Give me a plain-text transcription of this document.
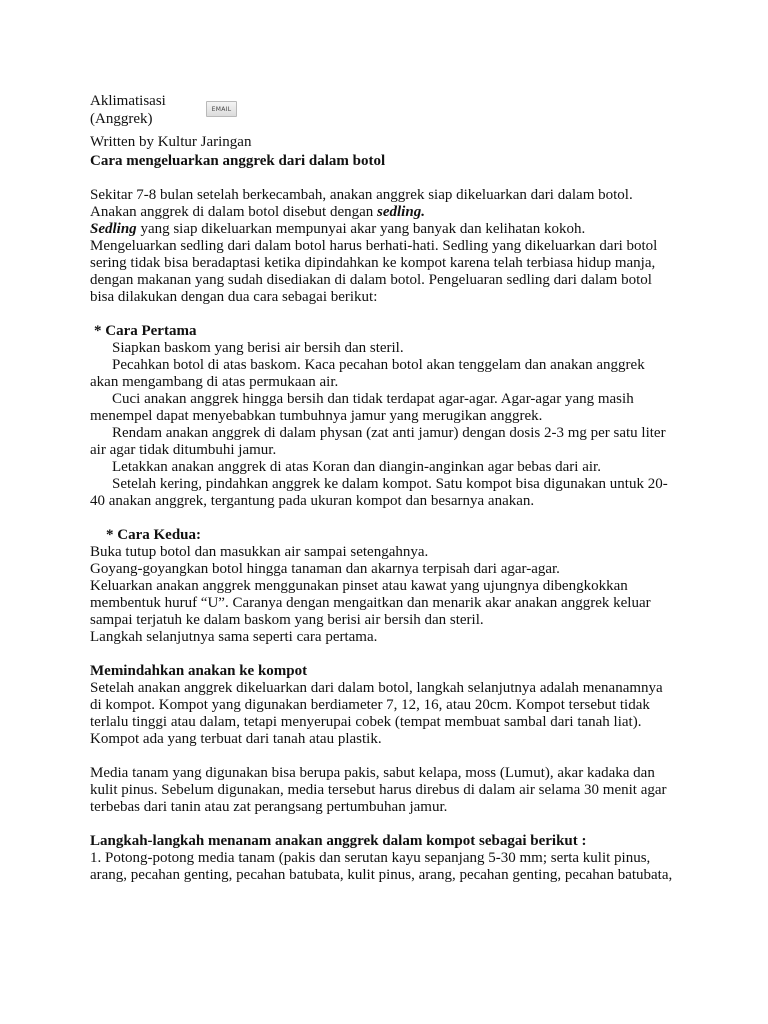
Aklimatisasi
(Anggrek)
EMAIL
Written by Kultur Jaringan
Cara mengeluarkan anggrek dari dalam botol
Sekitar 7-8 bulan setelah berkecambah, anakan anggrek siap dikeluarkan dari dalam botol.
Anakan anggrek di dalam botol disebut dengan sedling.
Sedling yang siap dikeluarkan mempunyai akar yang banyak dan kelihatan kokoh.
Mengeluarkan sedling dari dalam botol harus berhati-hati. Sedling yang dikeluarkan dari botol
sering tidak bisa beradaptasi ketika dipindahkan ke kompot karena telah terbiasa hidup manja,
dengan makanan yang sudah disediakan di dalam botol. Pengeluaran sedling dari dalam botol
bisa dilakukan dengan dua cara sebagai berikut:
* Cara Pertama
Siapkan baskom yang berisi air bersih dan steril.
Pecahkan botol di atas baskom. Kaca pecahan botol akan tenggelam dan anakan anggrek
akan mengambang di atas permukaan air.
Cuci anakan anggrek hingga bersih dan tidak terdapat agar-agar. Agar-agar yang masih
menempel dapat menyebabkan tumbuhnya jamur yang merugikan anggrek.
Rendam anakan anggrek di dalam physan (zat anti jamur) dengan dosis 2-3 mg per satu liter
air agar tidak ditumbuhi jamur.
Letakkan anakan anggrek di atas Koran dan diangin-anginkan agar bebas dari air.
Setelah kering, pindahkan anggrek ke dalam kompot. Satu kompot bisa digunakan untuk 20-
40 anakan anggrek, tergantung pada ukuran kompot dan besarnya anakan.
* Cara Kedua:
Buka tutup botol dan masukkan air sampai setengahnya.
Goyang-goyangkan botol hingga tanaman dan akarnya terpisah dari agar-agar.
Keluarkan anakan anggrek menggunakan pinset atau kawat yang ujungnya dibengkokkan
membentuk huruf “U”. Caranya dengan mengaitkan dan menarik akar anakan anggrek keluar
sampai terjatuh ke dalam baskom yang berisi air bersih dan steril.
Langkah selanjutnya sama seperti cara pertama.
Memindahkan anakan ke kompot
Setelah anakan anggrek dikeluarkan dari dalam botol, langkah selanjutnya adalah menanamnya
di kompot. Kompot yang digunakan berdiameter 7, 12, 16, atau 20cm. Kompot tersebut tidak
terlalu tinggi atau dalam, tetapi menyerupai cobek (tempat membuat sambal dari tanah liat).
Kompot ada yang terbuat dari tanah atau plastik.
Media tanam yang digunakan bisa berupa pakis, sabut kelapa, moss (Lumut), akar kadaka dan
kulit pinus. Sebelum digunakan, media tersebut harus direbus di dalam air selama 30 menit agar
terbebas dari tanin atau zat perangsang pertumbuhan jamur.
Langkah-langkah menanam anakan anggrek dalam kompot sebagai berikut :
1. Potong-potong media tanam (pakis dan serutan kayu sepanjang 5-30 mm; serta kulit pinus,
arang, pecahan genting, pecahan batubata, kulit pinus, arang, pecahan genting, pecahan batubata,
